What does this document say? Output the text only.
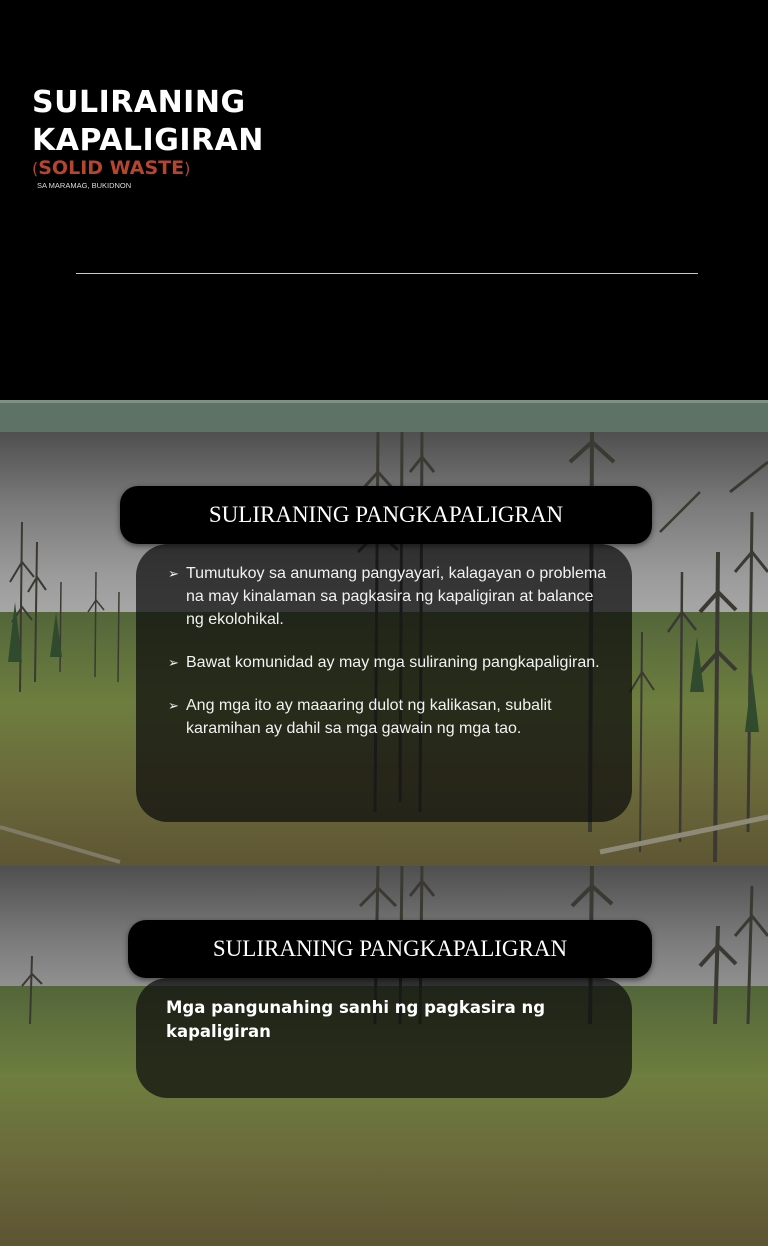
SULIRANING
KAPALIGIRAN
(SOLID WASTE)
SA MARAMAG, BUKIDNON
➢ Tumutukoy sa anumang pangyayari, kalagayan o problema na may kinalaman sa pagkasira ng kapaligiran at balance ng ekolohikal.
➢ Bawat komunidad ay may mga suliraning pangkapaligiran.
➢ Ang mga ito ay maaaring dulot ng kalikasan, subalit karamihan ay dahil sa mga gawain ng mga tao.
SULIRANING PANGKAPALIGRAN
Mga pangunahing sanhi ng pagkasira ng kapaligiran
SULIRANING PANGKAPALIGRAN
